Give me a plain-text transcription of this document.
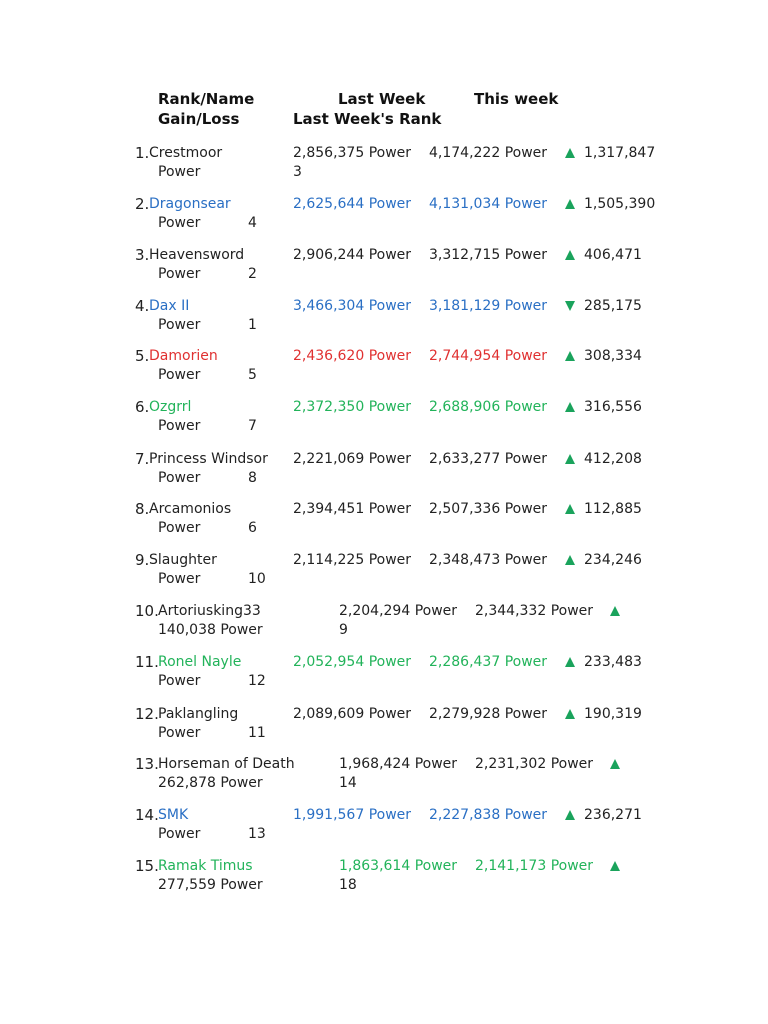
Rank/Name	Last Week	This week
Gain/Loss	Last Week's Rank
1. Crestmoor	2,856,375 Power 4,174,222 Power	1,317,847
Power	3
2. Dragonsear	2,625,644 Power 4,131,034 Power	1,505,390
Power	4
3. Heavensword	2,906,244 Power 3,312,715 Power	406,471
Power	2
4. Dax II	3,466,304 Power 3,181,129 Power	285,175
Power	1
5. Damorien	2,436,620 Power 2,744,954 Power	308,334
Power	5
6. Ozgrrl	2,372,350 Power 2,688,906 Power	316,556
Power	7
7. Princess Windsor 2,221,069 Power 2,633,277 Power	412,208
Power	8
8. Arcamonios	2,394,451 Power 2,507,336 Power	112,885
Power	6
9. Slaughter	2,114,225 Power 2,348,473 Power	234,246
Power	10
10. Artoriusking33	2,204,294 Power 2,344,332 Power
140,038 Power	9
11. Ronel Nayle	2,052,954 Power 2,286,437 Power	233,483
Power	12
12. Paklangling	2,089,609 Power 2,279,928 Power	190,319
Power	11
13. Horseman of Death	1,968,424 Power 2,231,302 Power
262,878 Power	14
14. SMK	1,991,567 Power 2,227,838 Power	236,271
Power	13
15. Ramak Timus	1,863,614 Power 2,141,173 Power
277,559 Power	18
